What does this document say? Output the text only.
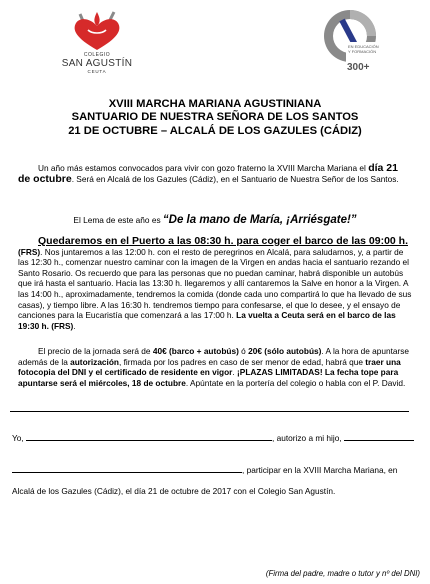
COLEGIO
SAN AGUSTÍN
CEUTA
EN EDUCACIÓN
Y FORMACIÓN
300+
XVIII MARCHA MARIANA AGUSTINIANA
SANTUARIO DE NUESTRA SEÑORA DE LOS SANTOS
21 DE OCTUBRE – ALCALÁ DE LOS GAZULES (CÁDIZ)
Un año más estamos convocados para vivir con gozo fraterno la XVIII Marcha Mariana el día 21 de octubre. Será en Alcalá de los Gazules (Cádiz), en el Santuario de Nuestra Señor de los Santos.
El Lema de este año es “De la mano de María, ¡Arriésgate!”
Quedaremos en el Puerto a las 08:30 h. para coger el barco de las 09:00 h.
(FRS). Nos juntaremos a las 12:00 h. con el resto de peregrinos en Alcalá, para saludarnos, y, a partir de las 12:30 h., comenzar nuestro caminar con la imagen de la Virgen en andas hacia el santuario rezando el Santo Rosario. Os recuerdo que para las personas que no puedan caminar, habrá disponible un autobús que irá hasta el santuario. Hacia las 13:30 h. llegaremos y allí cantaremos la Salve en honor a la Virgen. A las 14:00 h., aproximadamente, tendremos la comida (donde cada uno compartirá lo que ha llevado de sus casas), y tiempo libre. A las 16:30 h. tendremos tiempo para confesarse, el que lo desee, y el ensayo de canciones para la Eucaristía que comenzará a las 17:00 h. La vuelta a Ceuta será en el barco de las 19:30 h. (FRS).
El precio de la jornada será de 40€ (barco + autobús) ó 20€ (sólo autobús). A la hora de apuntarse además de la autorización, firmada por los padres en caso de ser menor de edad, habrá que traer una fotocopia del DNI y el certificado de residente en vigor. ¡PLAZAS LIMITADAS! La fecha tope para apuntarse será el miércoles, 18 de octubre. Apúntate en la portería del colegio o habla con el P. David.
Yo,	, autorizo a mi hijo,
, participar en la XVIII Marcha Mariana, en
Alcalá de los Gazules (Cádiz), el día 21 de octubre de 2017 con el Colegio San Agustín.
(Firma del padre, madre o tutor y nº del DNI)
